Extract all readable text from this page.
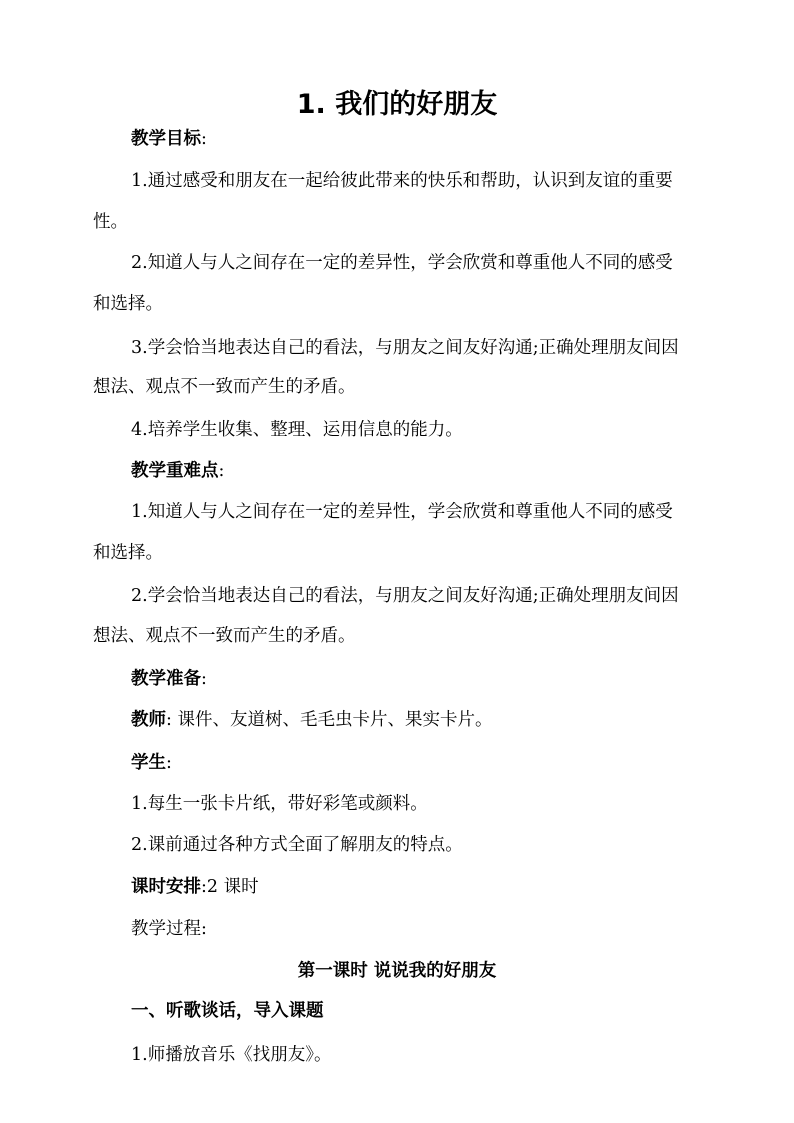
1. 我们的好朋友
教学目标:
1.通过感受和朋友在一起给彼此带来的快乐和帮助，认识到友谊的重要
性。
2.知道人与人之间存在一定的差异性，学会欣赏和尊重他人不同的感受
和选择。
3.学会恰当地表达自己的看法，与朋友之间友好沟通;正确处理朋友间因
想法、观点不一致而产生的矛盾。
4.培养学生收集、整理、运用信息的能力。
教学重难点:
1.知道人与人之间存在一定的差异性，学会欣赏和尊重他人不同的感受
和选择。
2.学会恰当地表达自己的看法，与朋友之间友好沟通;正确处理朋友间因
想法、观点不一致而产生的矛盾。
教学准备:
教师: 课件、友道树、毛毛虫卡片、果实卡片。
学生:
1.每生一张卡片纸，带好彩笔或颜料。
2.课前通过各种方式全面了解朋友的特点。
课时安排:2 课时
教学过程:
第一课时 说说我的好朋友
一、听歌谈话，导入课题
1.师播放音乐《找朋友》。
